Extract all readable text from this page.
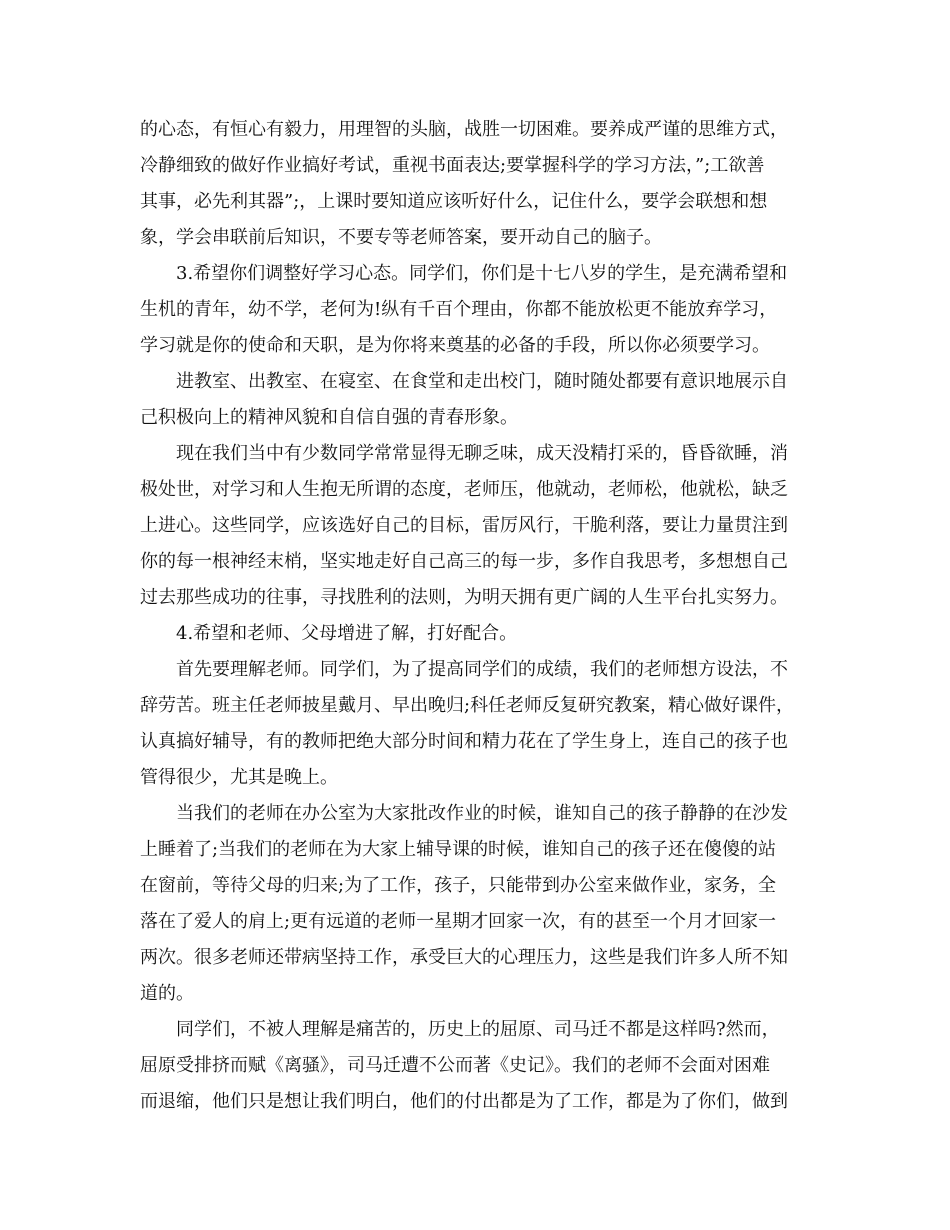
的心态，有恒心有毅力，用理智的头脑，战胜一切困难。要养成严谨的思维方式，
冷静细致的做好作业搞好考试，重视书面表达;要掌握科学的学习方法，”;工欲善
其事，必先利其器”;，上课时要知道应该听好什么，记住什么，要学会联想和想
象，学会串联前后知识，不要专等老师答案，要开动自己的脑子。
3.希望你们调整好学习心态。同学们，你们是十七八岁的学生，是充满希望和
生机的青年，幼不学，老何为!纵有千百个理由，你都不能放松更不能放弃学习，
学习就是你的使命和天职，是为你将来奠基的必备的手段，所以你必须要学习。
进教室、出教室、在寝室、在食堂和走出校门，随时随处都要有意识地展示自
己积极向上的精神风貌和自信自强的青春形象。
现在我们当中有少数同学常常显得无聊乏味，成天没精打采的，昏昏欲睡，消
极处世，对学习和人生抱无所谓的态度，老师压，他就动，老师松，他就松，缺乏
上进心。这些同学，应该选好自己的目标，雷厉风行，干脆利落，要让力量贯注到
你的每一根神经末梢，坚实地走好自己高三的每一步，多作自我思考，多想想自己
过去那些成功的往事，寻找胜利的法则，为明天拥有更广阔的人生平台扎实努力。
4.希望和老师、父母增进了解，打好配合。
首先要理解老师。同学们，为了提高同学们的成绩，我们的老师想方设法，不
辞劳苦。班主任老师披星戴月、早出晚归;科任老师反复研究教案，精心做好课件，
认真搞好辅导，有的教师把绝大部分时间和精力花在了学生身上，连自己的孩子也
管得很少，尤其是晚上。
当我们的老师在办公室为大家批改作业的时候，谁知自己的孩子静静的在沙发
上睡着了;当我们的老师在为大家上辅导课的时候，谁知自己的孩子还在傻傻的站
在窗前，等待父母的归来;为了工作，孩子，只能带到办公室来做作业，家务，全
落在了爱人的肩上;更有远道的老师一星期才回家一次，有的甚至一个月才回家一
两次。很多老师还带病坚持工作，承受巨大的心理压力，这些是我们许多人所不知
道的。
同学们，不被人理解是痛苦的，历史上的屈原、司马迁不都是这样吗?然而，
屈原受排挤而赋《离骚》，司马迁遭不公而著《史记》。我们的老师不会面对困难
而退缩，他们只是想让我们明白，他们的付出都是为了工作，都是为了你们，做到
